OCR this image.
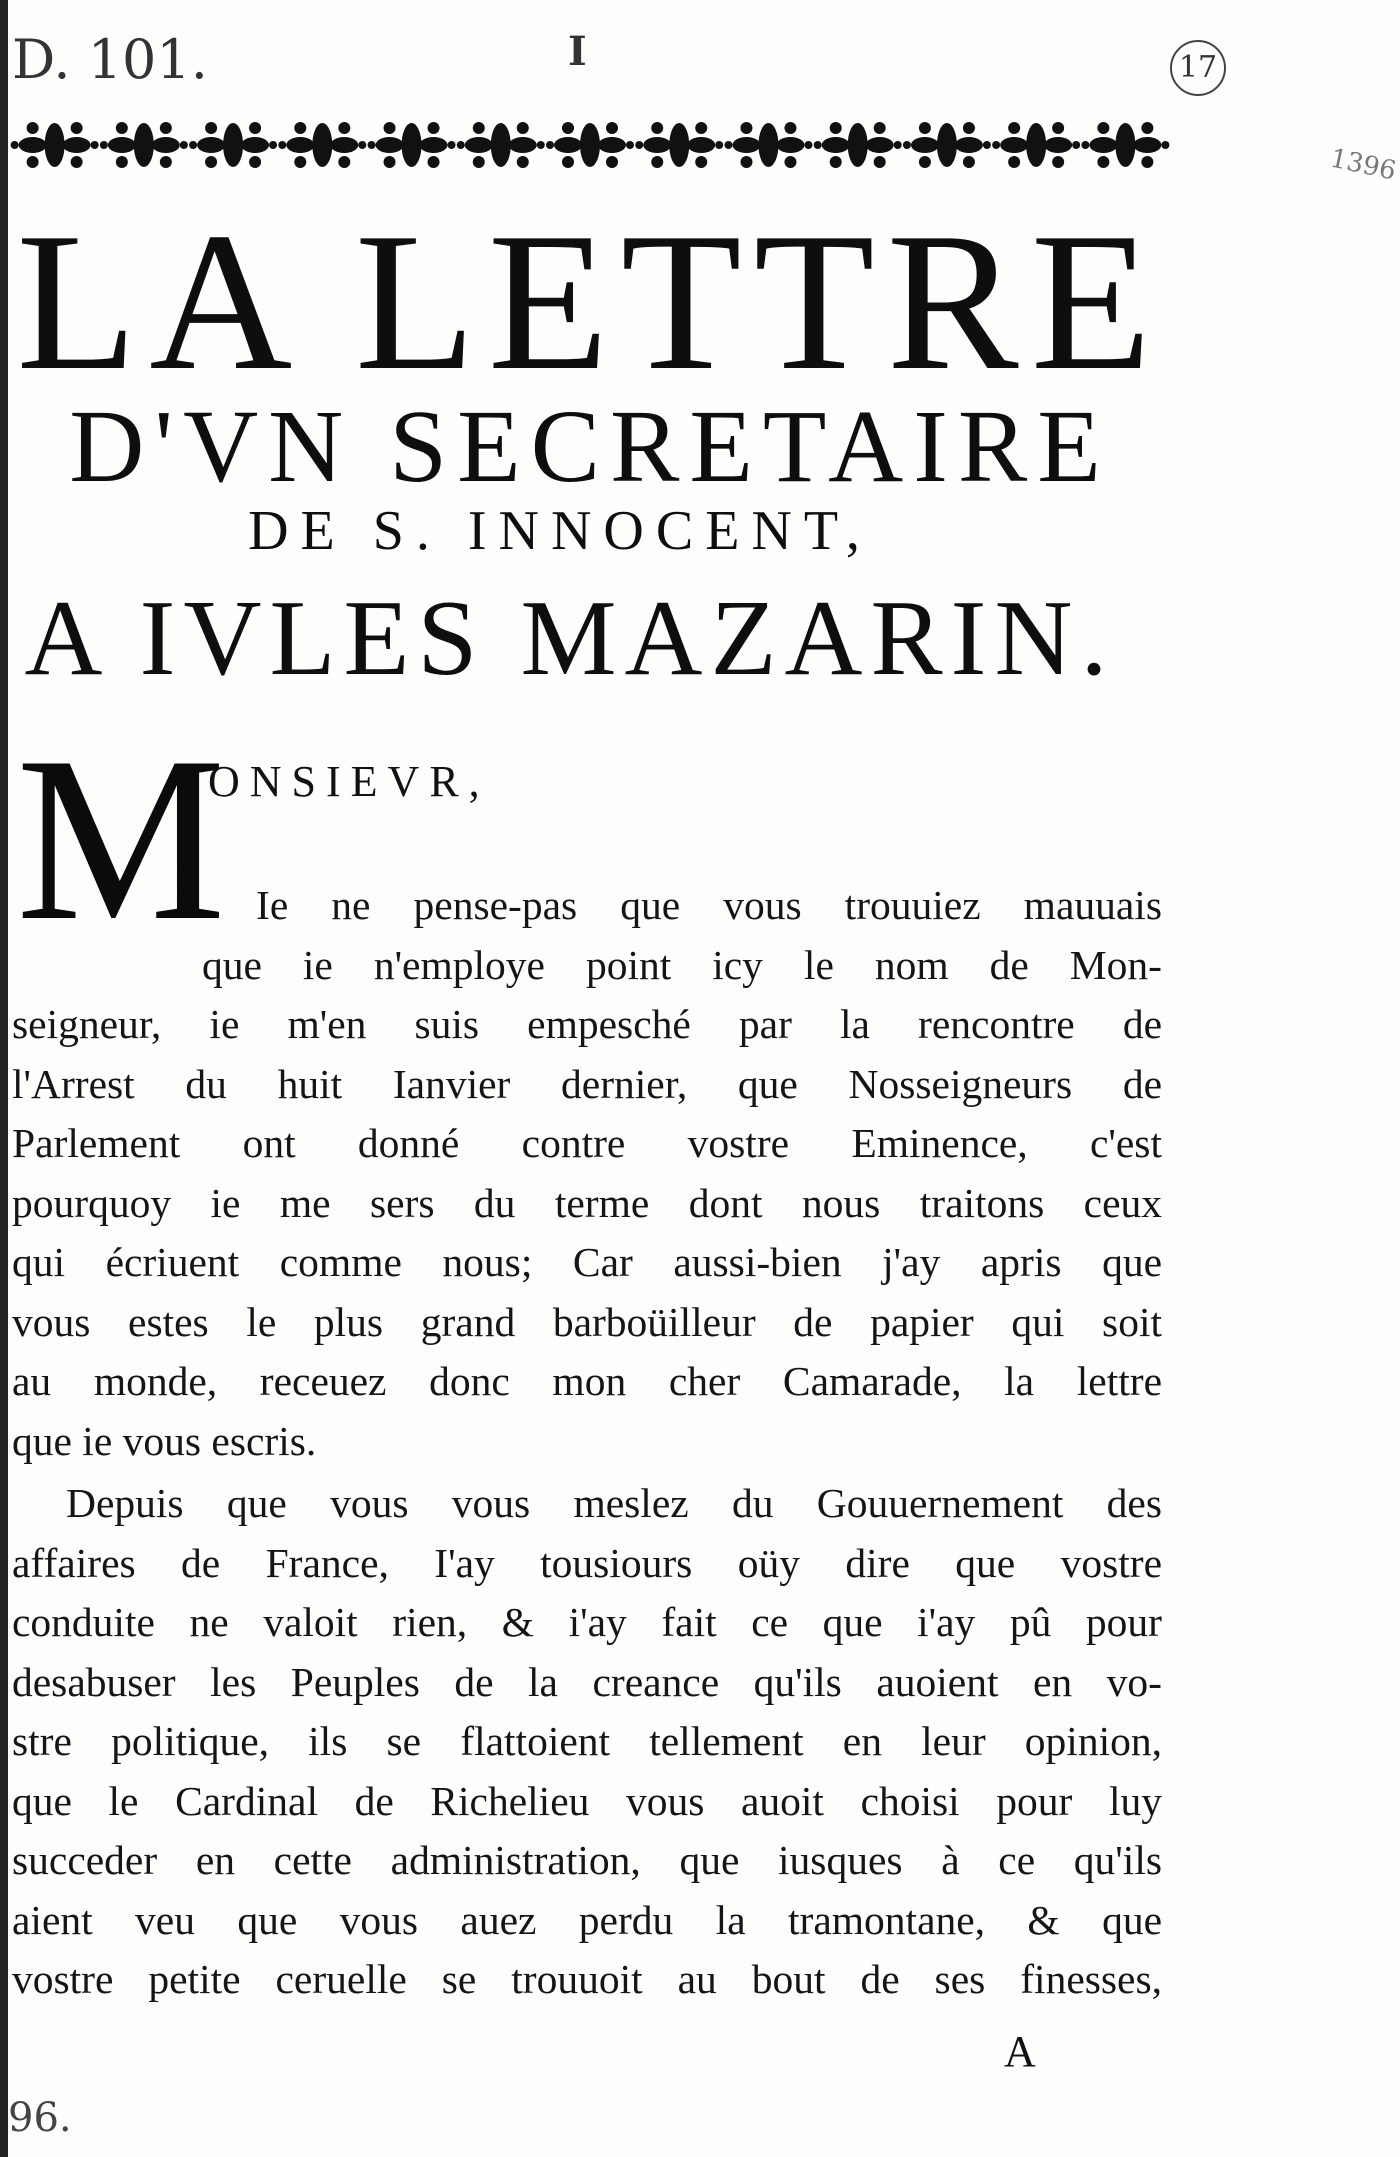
D. 101.	I	17
1396
96.
LA LETTRE
D'VN SECRETAIRE
DE S. INNOCENT,
A IVLES MAZARIN.
M
ONSIEVR,
Ie ne pense-pas que vous trouuiez mauuais
que ie n'employe point icy le nom de Mon-
seigneur, ie m'en suis empesché par la rencontre de
l'Arrest du huit Ianvier dernier, que Nosseigneurs de
Parlement ont donné contre vostre Eminence, c'est
pourquoy ie me sers du terme dont nous traitons ceux
qui écriuent comme nous; Car aussi-bien j'ay apris que
vous estes le plus grand barboüilleur de papier qui soit
au monde, receuez donc mon cher Camarade, la lettre
que ie vous escris.
Depuis que vous vous meslez du Gouuernement des
affaires de France, I'ay tousiours oüy dire que vostre
conduite ne valoit rien, & i'ay fait ce que i'ay pû pour
desabuser les Peuples de la creance qu'ils auoient en vo-
stre politique, ils se flattoient tellement en leur opinion,
que le Cardinal de Richelieu vous auoit choisi pour luy
succeder en cette administration, que iusques à ce qu'ils
aient veu que vous auez perdu la tramontane, & que
vostre petite ceruelle se trouuoit au bout de ses finesses,
A
